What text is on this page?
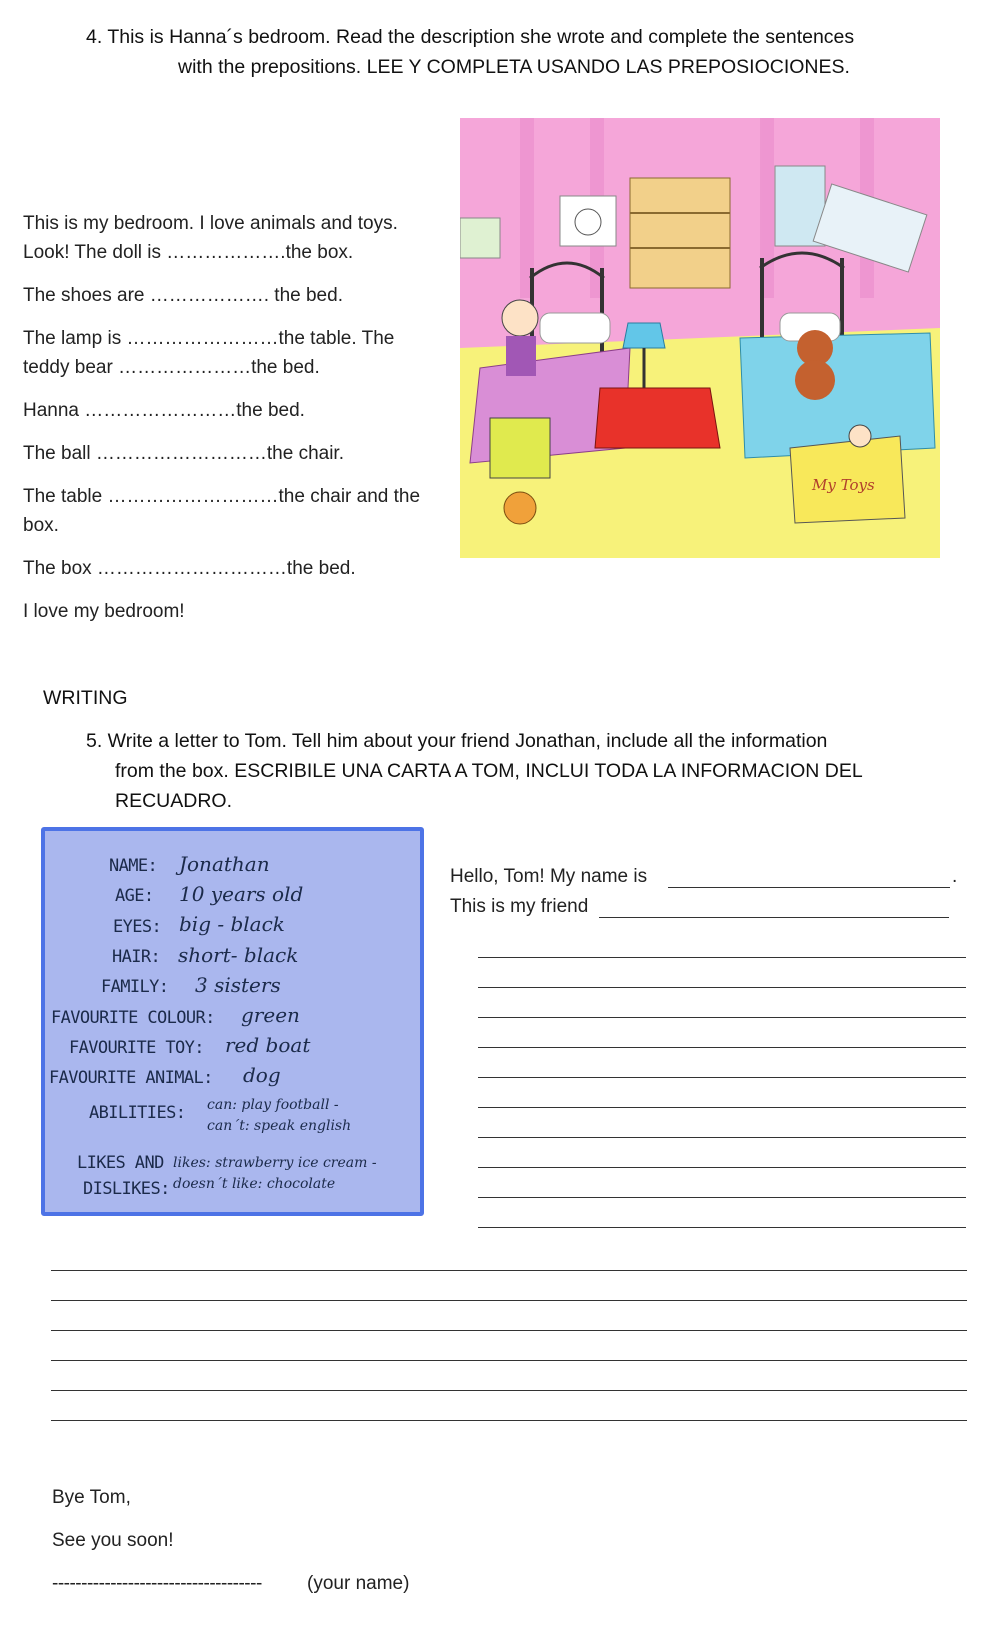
4. This is Hanna´s bedroom. Read the description she wrote and complete the sentences
with the prepositions. LEE Y COMPLETA USANDO LAS PREPOSIOCIONES.
This is my bedroom. I love animals and toys.
Look! The doll is ……………….the box.
The shoes are ………………. the bed.
The lamp is ……………………the table. The
teddy bear …………………the bed.
Hanna ……………………the bed.
The ball ………………………the chair.
The table ………………………the chair and the
box.
The box …………………………the bed.
I love my bedroom!
My Toys
WRITING
5. Write a letter to Tom. Tell him about your friend Jonathan, include all the information
from the box. ESCRIBILE UNA CARTA A TOM, INCLUI TODA LA INFORMACION DEL
RECUADRO.
NAME: Jonathan
AGE: 10 years old
EYES: big - black
HAIR: short- black
FAMILY: 3 sisters
FAVOURITE COLOUR: green
FAVOURITE TOY: red boat
FAVOURITE ANIMAL: dog
ABILITIES: can: play football -
can´t: speak english
LIKES AND
DISLIKES:
likes: strawberry ice cream -
doesn´t like: chocolate
Hello, Tom! My name is	.
This is my friend
Bye Tom,
See you soon!
------------------------------------ (your name)
